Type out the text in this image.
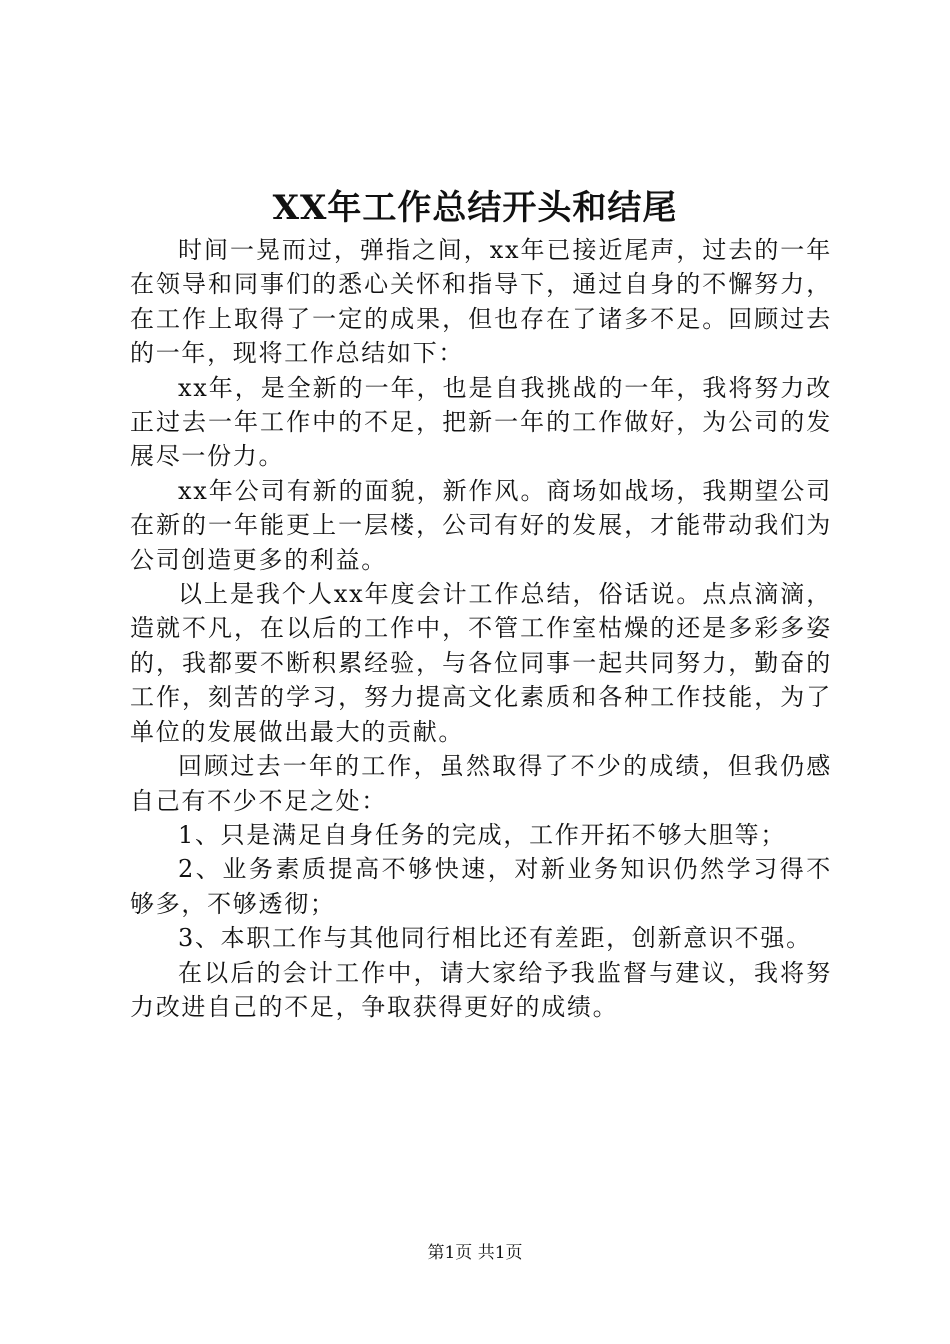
XX年工作总结开头和结尾

时间一晃而过，弹指之间，xx年已接近尾声，过去的一年在领导和同事们的悉心关怀和指导下，通过自身的不懈努力，在工作上取得了一定的成果，但也存在了诸多不足。回顾过去的一年，现将工作总结如下：

xx年，是全新的一年，也是自我挑战的一年，我将努力改正过去一年工作中的不足，把新一年的工作做好，为公司的发展尽一份力。

xx年公司有新的面貌，新作风。商场如战场，我期望公司在新的一年能更上一层楼，公司有好的发展，才能带动我们为公司创造更多的利益。

以上是我个人xx年度会计工作总结，俗话说。点点滴滴，造就不凡，在以后的工作中，不管工作室枯燥的还是多彩多姿的，我都要不断积累经验，与各位同事一起共同努力，勤奋的工作，刻苦的学习，努力提高文化素质和各种工作技能，为了单位的发展做出最大的贡献。

回顾过去一年的工作，虽然取得了不少的成绩，但我仍感自己有不少不足之处：

1、只是满足自身任务的完成，工作开拓不够大胆等；

2、业务素质提高不够快速，对新业务知识仍然学习得不够多，不够透彻；

3、本职工作与其他同行相比还有差距，创新意识不强。

在以后的会计工作中，请大家给予我监督与建议，我将努力改进自己的不足，争取获得更好的成绩。

第1页 共1页
